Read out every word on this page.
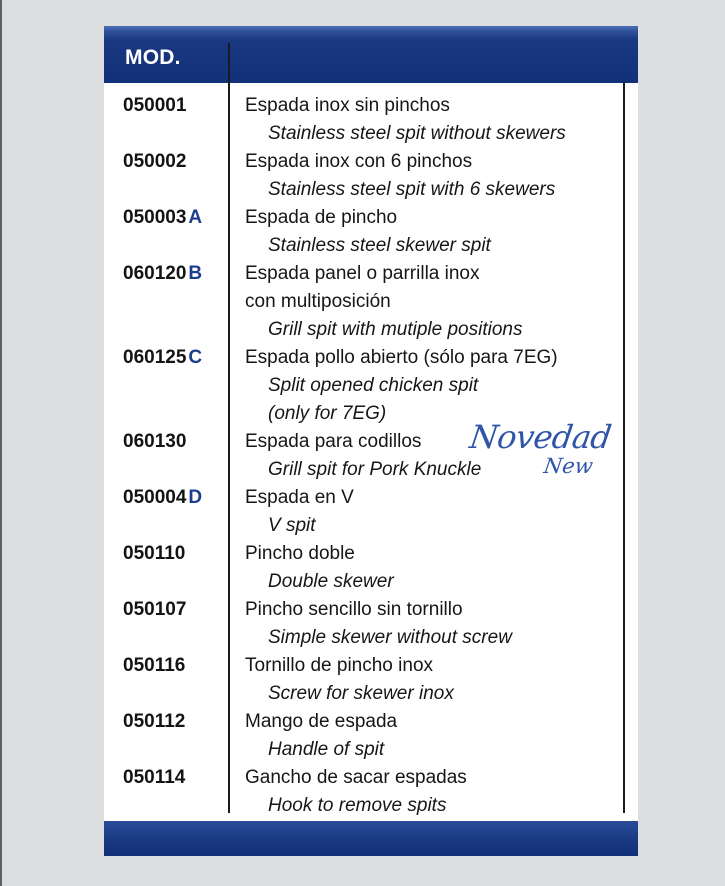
MOD.
050001	Espada inox sin pinchos
Stainless steel spit without skewers
050002	Espada inox con 6 pinchos
Stainless steel spit with 6 skewers
050003 A Espada de pincho
Stainless steel skewer spit
060120 B Espada panel o parrilla inox
con multiposición
Grill spit with mutiple positions
060125 C Espada pollo abierto (sólo para 7EG)
Split opened chicken spit
(only for 7EG)
060130	Espada para codillos
Grill spit for Pork Knuckle
Novedad
New
050004 D Espada en V
V spit
050110	Pincho doble
Double skewer
050107	Pincho sencillo sin tornillo
Simple skewer without screw
050116	Tornillo de pincho inox
Screw for skewer inox
050112	Mango de espada
Handle of spit
050114	Gancho de sacar espadas
Hook to remove spits
